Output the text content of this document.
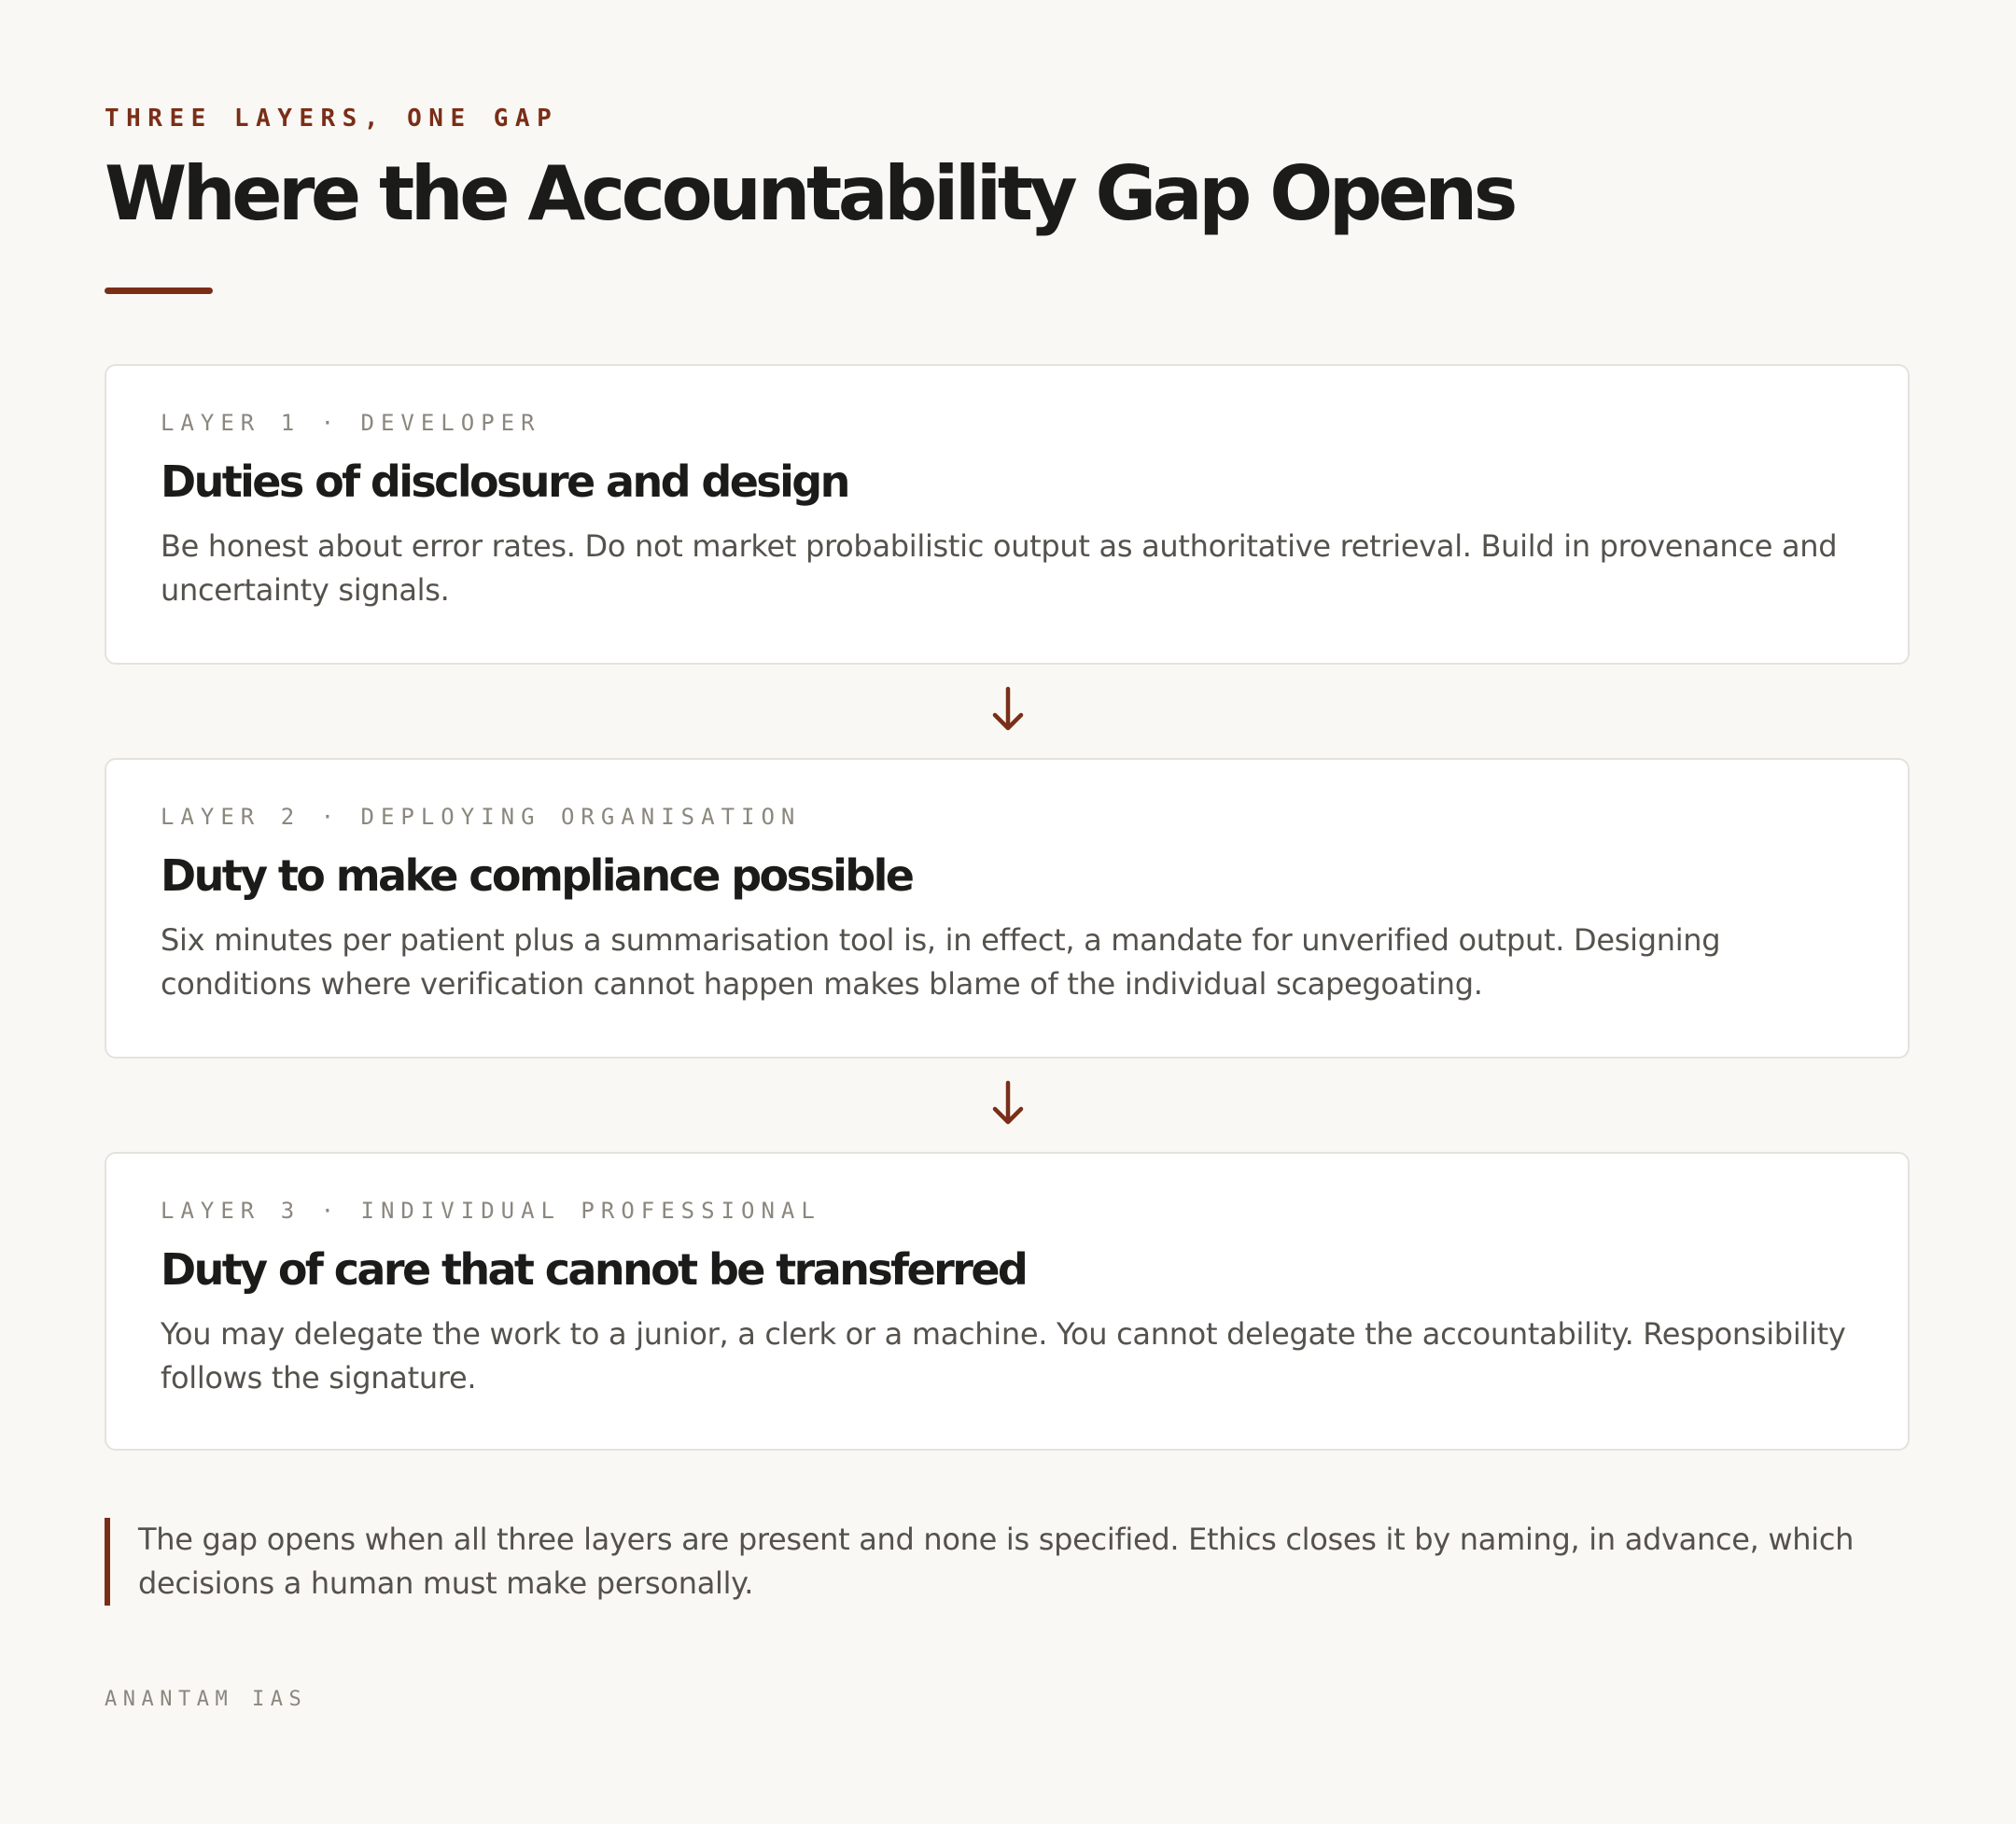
THREE LAYERS, ONE GAP
Where the Accountability Gap Opens
LAYER 1 · DEVELOPER
Duties of disclosure and design

Be honest about error rates. Do not market probabilistic output as authoritative retrieval. Build in provenance and uncertainty signals.

LAYER 2 · DEPLOYING ORGANISATION
Duty to make compliance possible

Six minutes per patient plus a summarisation tool is, in effect, a mandate for unverified output. Designing conditions where verification cannot happen makes blame of the individual scapegoating.

LAYER 3 · INDIVIDUAL PROFESSIONAL
Duty of care that cannot be transferred

You may delegate the work to a junior, a clerk or a machine. You cannot delegate the accountability. Responsibility follows the signature.

The gap opens when all three layers are present and none is specified. Ethics closes it by naming, in advance, which decisions a human must make personally.
ANANTAM IAS
